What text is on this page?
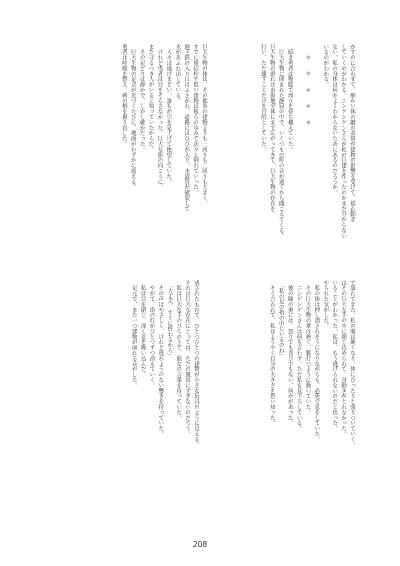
がすのに合わせて、細かい体の皺の表情が建物の影響を受けて、揺れ動き
していくのがわかる。ニシゲシゲンさんが私の巨建を作ったのかまだ分からない
ない。私の身体は何かよくわからないためにあるのだろうか。
いるのがわかる。

　　＊　　＊　　＊　　＊　　＊

　暗き勇者は物陰で周りを待ち構えていた。
　巨大生物に囲まれた静寂の中で、いくつもの町の音が遠くから聞こえてくる。
巨大生物の群れは市街地全体にまで広がってきて、巨大生物の存在を
行い、ただ壊すことだけを目的としていた。
巨大生物の体は、その都市の建物よりも一回りも二回りも大きく、
すでに電信柱や低い建物は彼らの歩みで次々と倒れていった。
地下鉄の入り口はふさがれ、道路にはひびが入り、水道管が破裂して
水があふれ出している。
　人々は逃げまどい、誰もが空を見上げて絶望していた。
　けれど勇者は目をそらさなかった。巨大な影の向こうに、
まだ守るべき人がいると知っていたからだ。
　その足どりは静かで、しかし確かだった。
　巨大生物の足音が近づくたびに、地面がわずかに震える。
勇者は呼吸を整え、剣の柄を握り直した。
で濡れてきた。私の服は硬くなり、体にぴったりと張りついていく。
はその巨大な手の中に閉じ込められて、身動きがとれなかった。
いることがわかった。私は、もう逃げられないのだと悟った。
やられた気がした。
　私の体は押し潰されそうになりながらも、必死で息をしていた。
　その巨大生物の掌は熱く、脈打つように動いていた。
　ニシゲシゲンさんは何も言わず、ただ私を見下ろしている。
　彼の瞳の奥には、怒りでも喜びでもない、何かがあった。
　「私の足の指の中にいるのね」
　そう言われて、私はようやく自分の大きさを思い知った。
成されたもので、ひとつひとつの建物が小さな玩具のように見える。
それは巨大な存在にとっては、ただの風景にすぎないのだろう。
　私は巨大な手のひらの上で、彼女の言葉を待っていた。
　「大丈夫、すぐに終わるから」
　その声はやさしく、けれど逃れようのない響きを持っていた。
　やがて、街の灯がひとつずつ消えていく。
　私は目を閉じ、深く息を吸い込んだ。
　足元で、また一つ建物が崩れる音がした。
208
